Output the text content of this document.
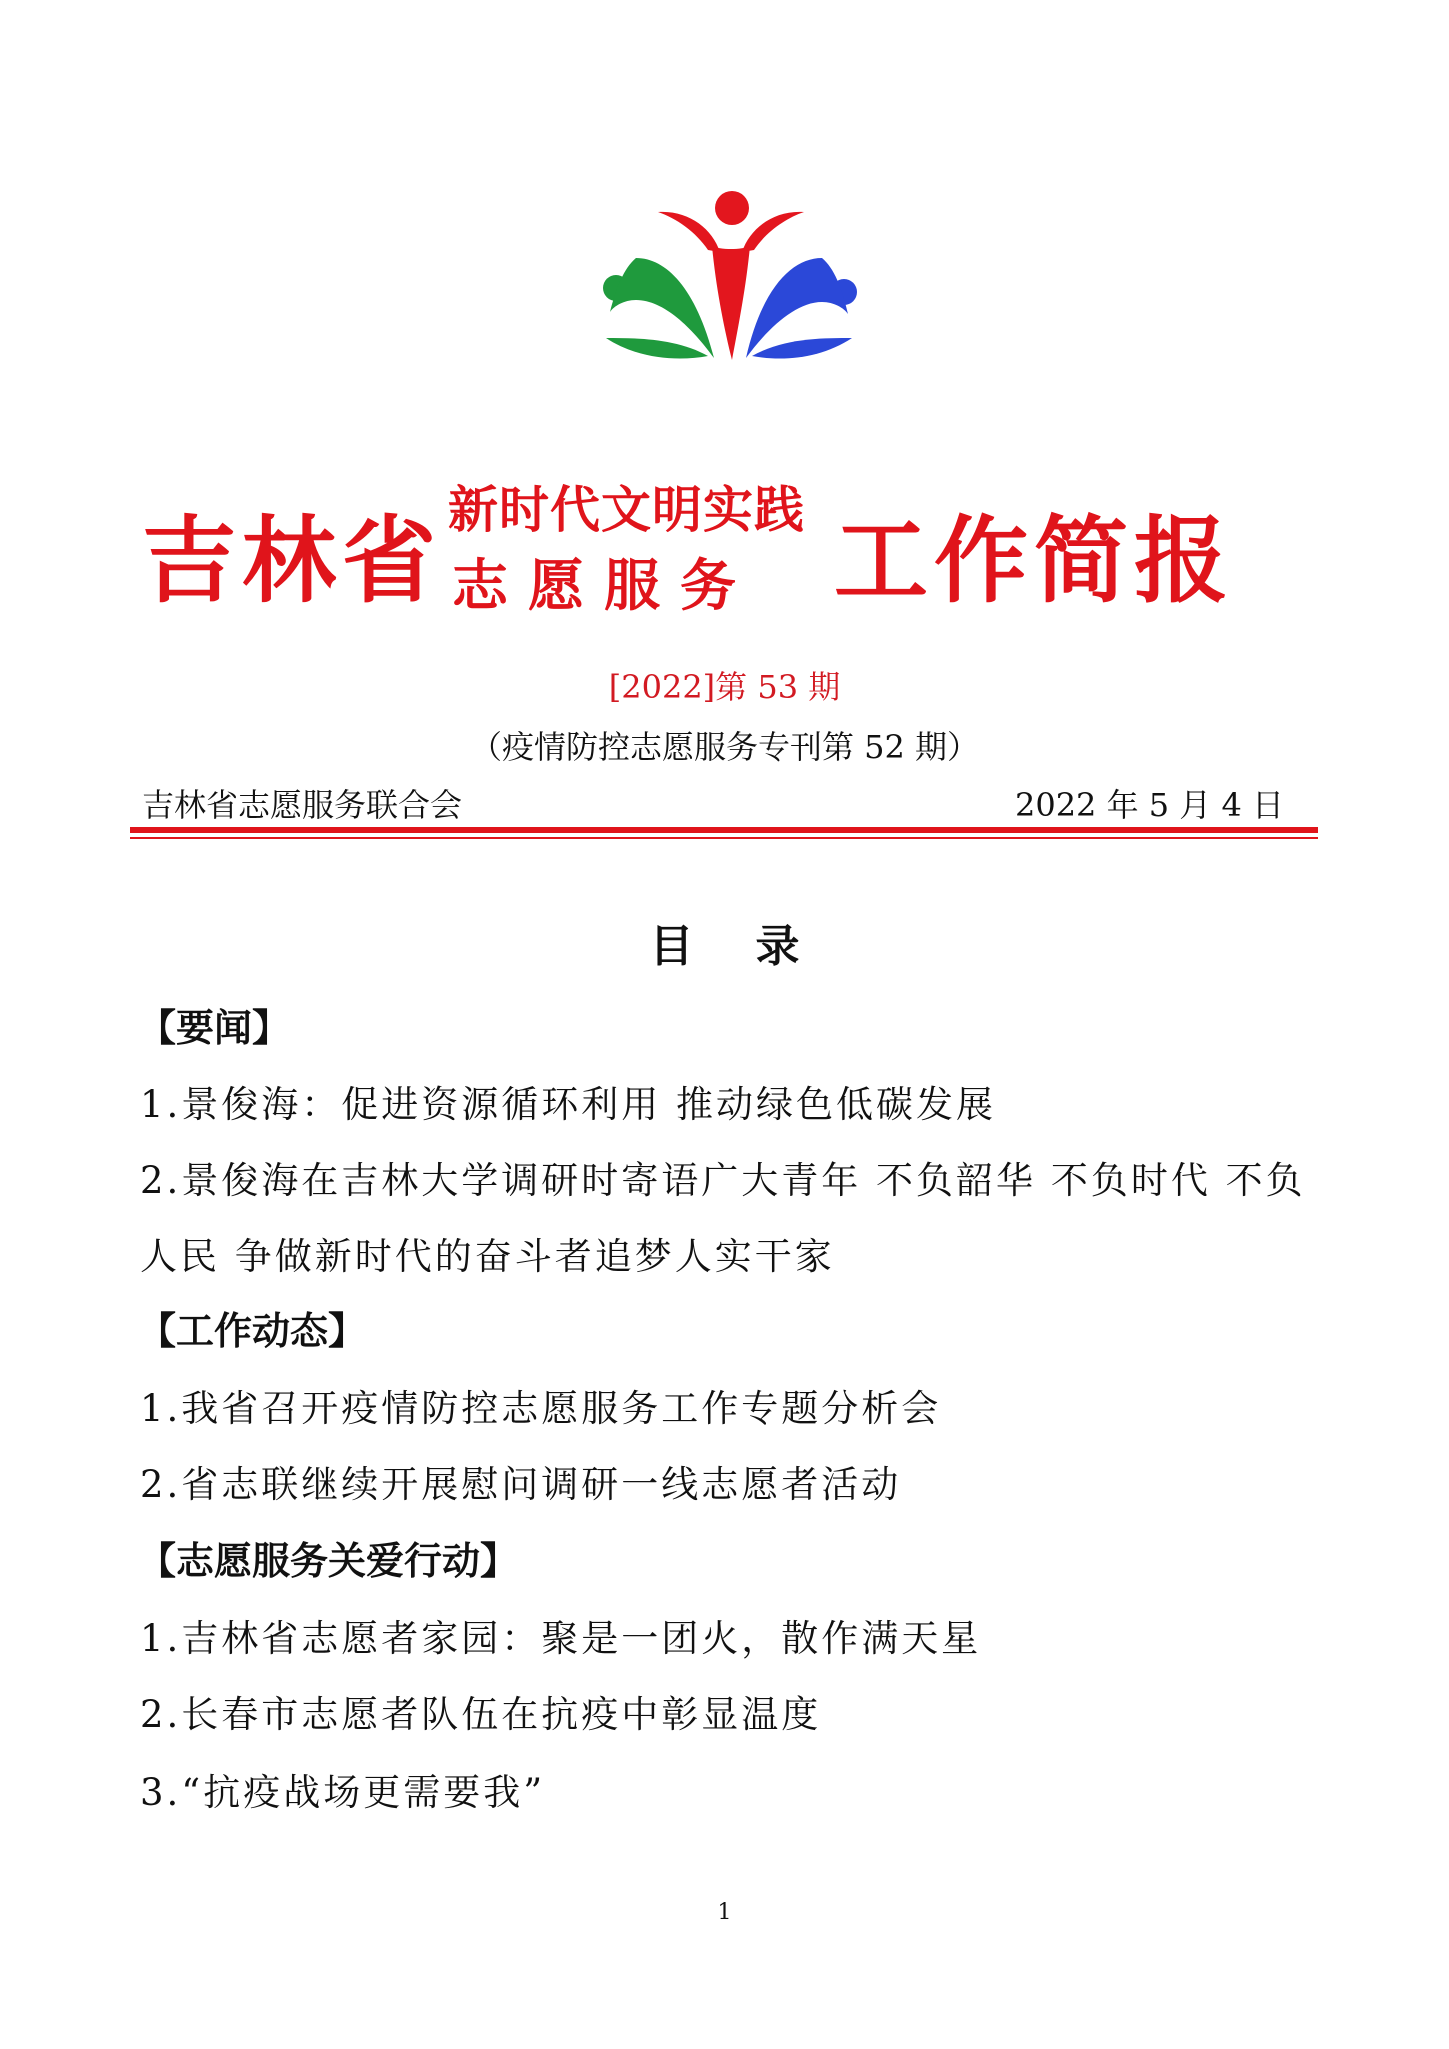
吉林省 新时代文明实践
志愿服务 工作简报
[2022]第 53 期
（疫情防控志愿服务专刊第 52 期）
吉林省志愿服务联合会	2022 年 5 月 4 日
目录
【要闻】
1.景俊海：促进资源循环利用 推动绿色低碳发展
2.景俊海在吉林大学调研时寄语广大青年 不负韶华 不负时代 不负
人民 争做新时代的奋斗者追梦人实干家
【工作动态】
1.我省召开疫情防控志愿服务工作专题分析会
2.省志联继续开展慰问调研一线志愿者活动
【志愿服务关爱行动】
1.吉林省志愿者家园：聚是一团火，散作满天星
2.长春市志愿者队伍在抗疫中彰显温度
3.“抗疫战场更需要我”
1
